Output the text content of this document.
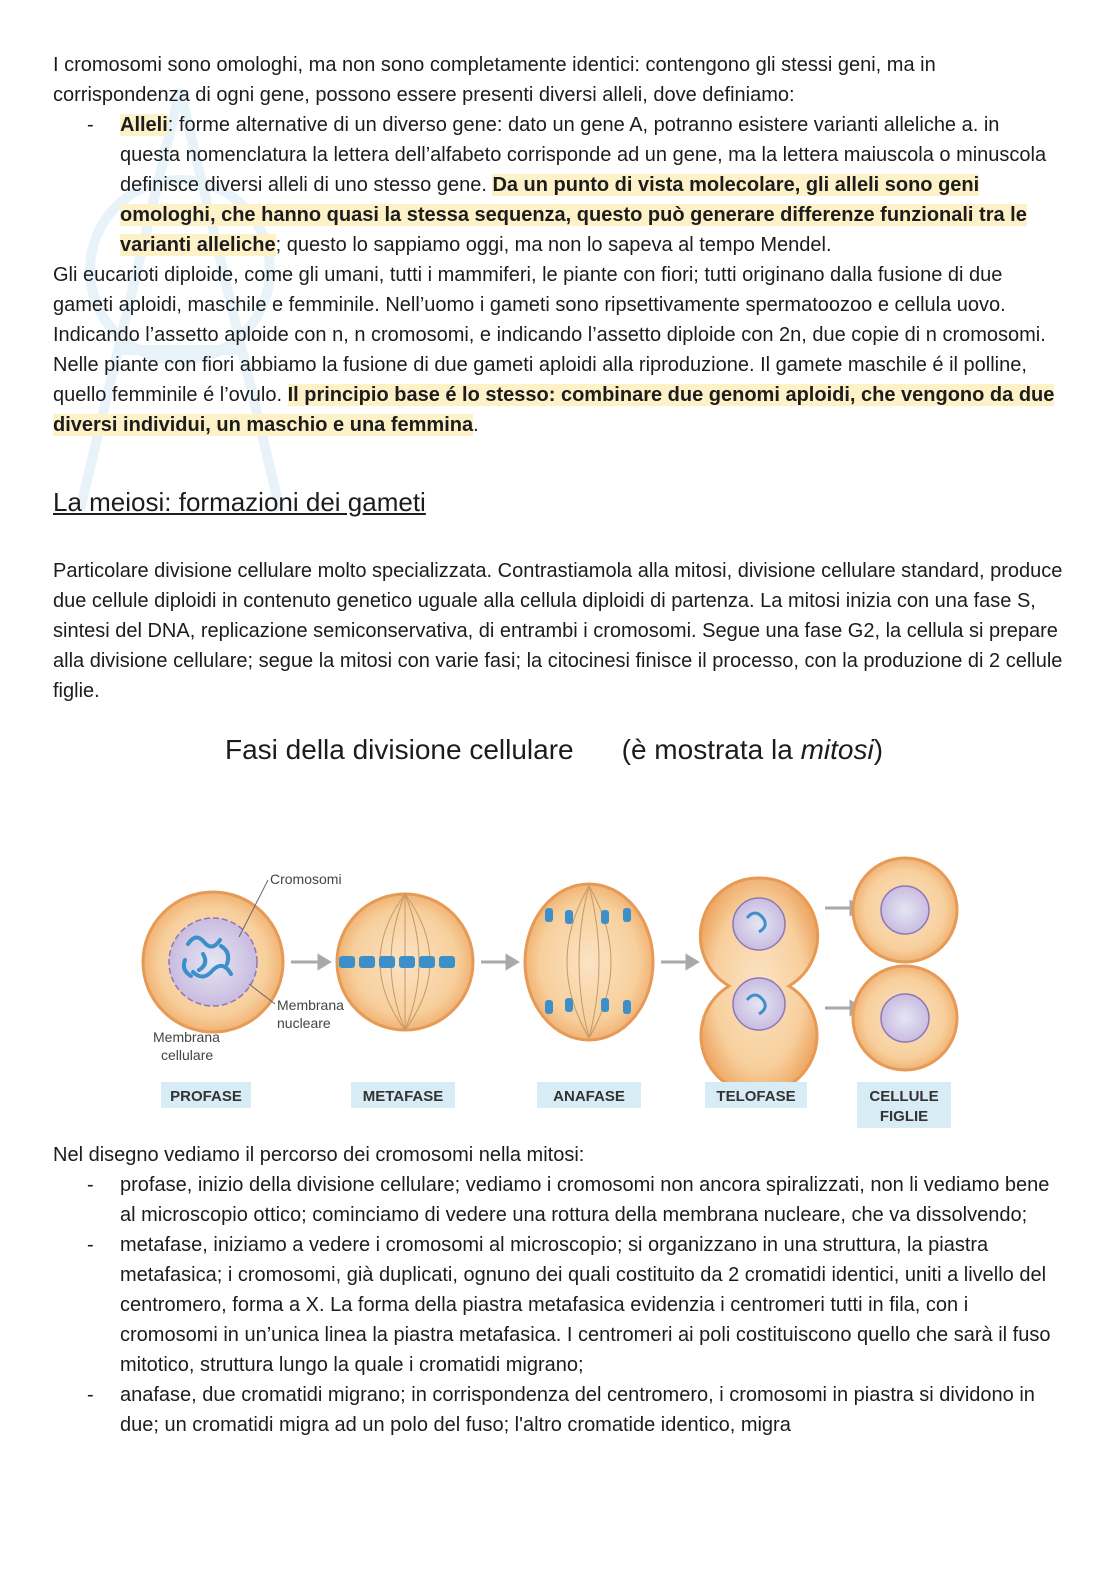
I cromosomi sono omologhi, ma non sono completamente identici: contengono gli stessi geni, ma in corrispondenza di ogni gene, possono essere presenti diversi alleli, dove definiamo:

- Alleli: forme alternative di un diverso gene: dato un gene A, potranno esistere varianti alleliche a. in questa nomenclatura la lettera dell’alfabeto corrisponde ad un gene, ma la lettera maiuscola o minuscola definisce diversi alleli di uno stesso gene. Da un punto di vista molecolare, gli alleli sono geni omologhi, che hanno quasi la stessa sequenza, questo può generare differenze funzionali tra le varianti alleliche; questo lo sappiamo oggi, ma non lo sapeva al tempo Mendel.

Gli eucarioti diploide, come gli umani, tutti i mammiferi, le piante con fiori; tutti originano dalla fusione di due gameti aploidi, maschile e femminile. Nell’uomo i gameti sono ripsettivamente spermatoozoo e cellula uovo. Indicando l’assetto aploide con n, n cromosomi, e indicando l’assetto diploide con 2n, due copie di n cromosomi. Nelle piante con fiori abbiamo la fusione di due gameti aploidi alla riproduzione. Il gamete maschile é il polline, quello femminile é l’ovulo. Il principio base é lo stesso: combinare due genomi aploidi, che vengono da due diversi individui, un maschio e una femmina.

La meiosi: formazioni dei gameti

Particolare divisione cellulare molto specializzata. Contrastiamola alla mitosi, divisione cellulare standard, produce due cellule diploidi in contenuto genetico uguale alla cellula diploidi di partenza. La mitosi inizia con una fase S, sintesi del DNA, replicazione semiconservativa, di entrambi i cromosomi. Segue una fase G2, la cellula si prepare alla divisione cellulare; segue la mitosi con varie fasi; la citocinesi finisce il processo, con la produzione di 2 cellule figlie.

Fasi della divisione cellulare (è mostrata la mitosi)
Cromosomi
Membrana
nucleare
Membrana
cellulare
PROFASE	METAFASE	ANAFASE	TELOFASE	CELLULE
FIGLIE

Nel disegno vediamo il percorso dei cromosomi nella mitosi:

- profase, inizio della divisione cellulare; vediamo i cromosomi non ancora spiralizzati, non li vediamo bene al microscopio ottico; cominciamo di vedere una rottura della membrana nucleare, che va dissolvendo;
- metafase, iniziamo a vedere i cromosomi al microscopio; si organizzano in una struttura, la piastra metafasica; i cromosomi, già duplicati, ognuno dei quali costituito da 2 cromatidi identici, uniti a livello del centromero, forma a X. La forma della piastra metafasica evidenzia i centromeri tutti in fila, con i cromosomi in un’unica linea la piastra metafasica. I centromeri ai poli costituiscono quello che sarà il fuso mitotico, struttura lungo la quale i cromatidi migrano;
- anafase, due cromatidi migrano; in corrispondenza del centromero, i cromosomi in piastra si dividono in due; un cromatidi migra ad un polo del fuso; l'altro cromatide identico, migra
